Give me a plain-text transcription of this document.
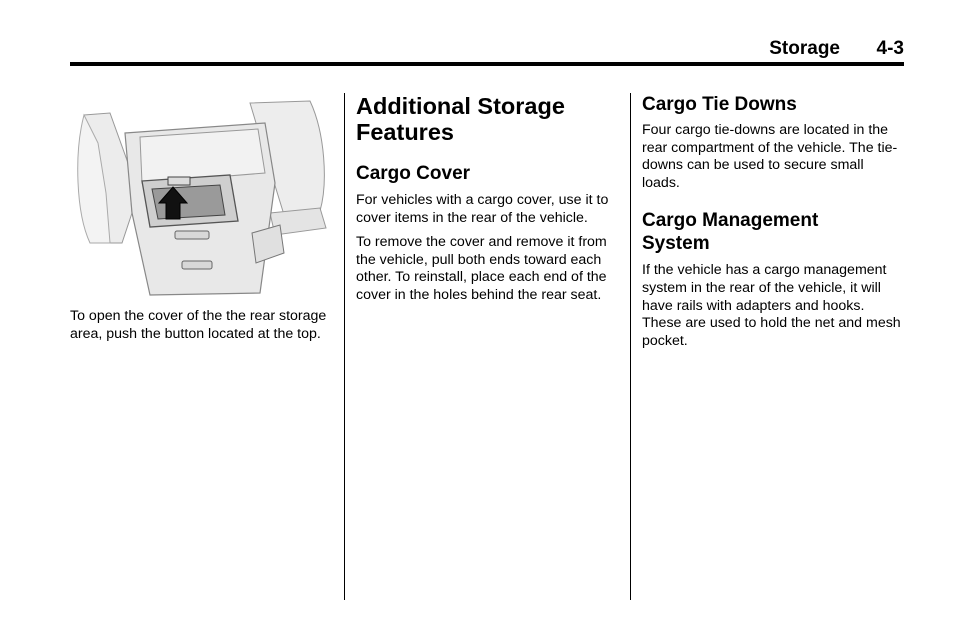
Storage 4-3

To open the cover of the the rear storage area, push the button located at the top.

Additional Storage
Features
Cargo Cover

For vehicles with a cargo cover, use it to cover items in the rear of the vehicle.

To remove the cover and remove it from the vehicle, pull both ends toward each other. To reinstall, place each end of the cover in the holes behind the rear seat.

Cargo Tie Downs

Four cargo tie-downs are located in the rear compartment of the vehicle. The tie-downs can be used to secure small loads.

Cargo Management
System

If the vehicle has a cargo management system in the rear of the vehicle, it will have rails with adapters and hooks. These are used to hold the net and mesh pocket.
